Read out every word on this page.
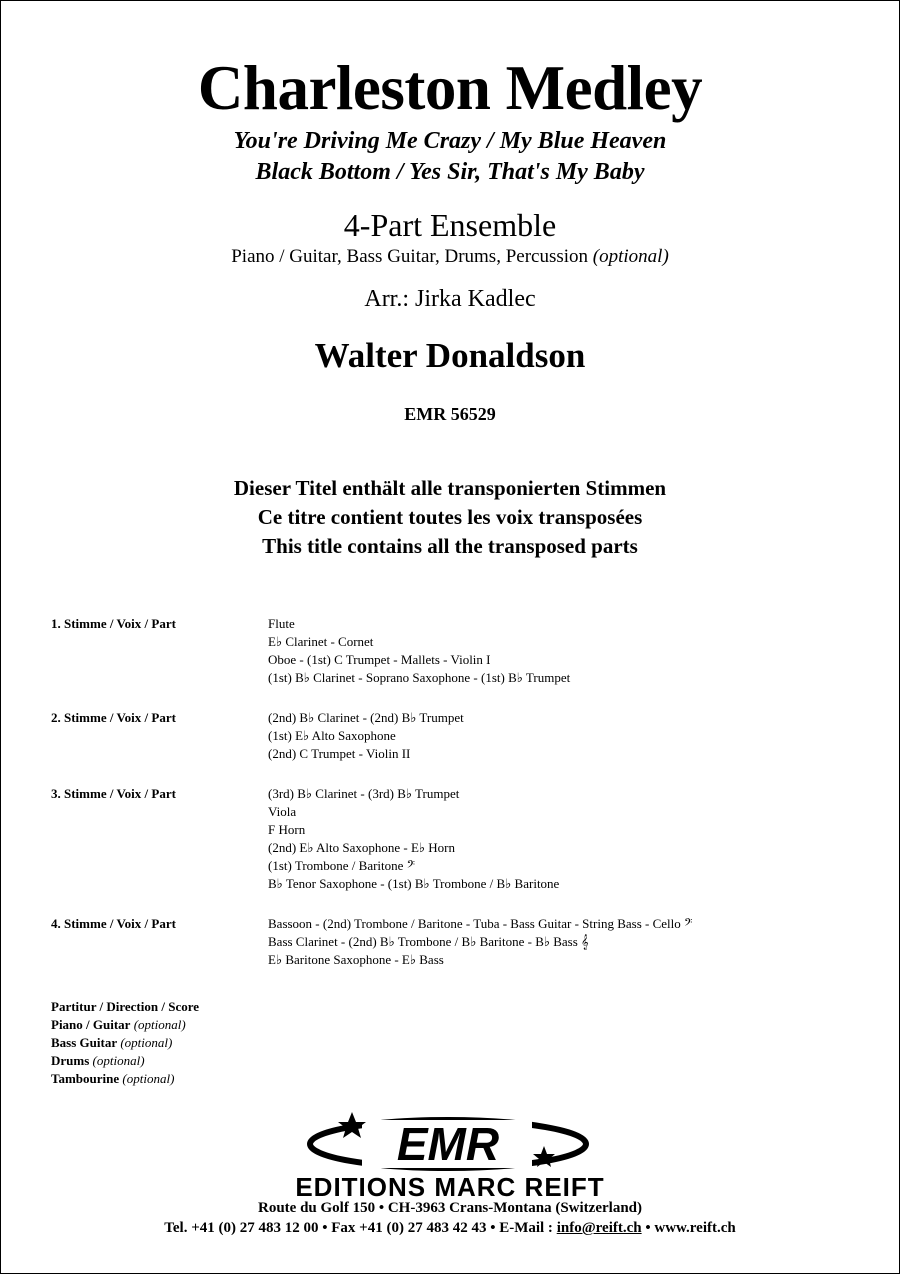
Charleston Medley
You're Driving Me Crazy / My Blue Heaven
Black Bottom / Yes Sir, That's My Baby
4-Part Ensemble
Piano / Guitar, Bass Guitar, Drums, Percussion (optional)
Arr.: Jirka Kadlec
Walter Donaldson
EMR 56529
Dieser Titel enthält alle transponierten Stimmen
Ce titre contient toutes les voix transposées
This title contains all the transposed parts
1. Stimme / Voix / Part	Flute
E♭ Clarinet - Cornet
Oboe - (1st) C Trumpet - Mallets - Violin I
(1st) B♭ Clarinet - Soprano Saxophone - (1st) B♭ Trumpet
2. Stimme / Voix / Part	(2nd) B♭ Clarinet - (2nd) B♭ Trumpet
(1st) E♭ Alto Saxophone
(2nd) C Trumpet - Violin II
3. Stimme / Voix / Part	(3rd) B♭ Clarinet - (3rd) B♭ Trumpet
Viola
F Horn
(2nd) E♭ Alto Saxophone - E♭ Horn
(1st) Trombone / Baritone 𝄢
B♭ Tenor Saxophone - (1st) B♭ Trombone / B♭ Baritone
4. Stimme / Voix / Part	Bassoon - (2nd) Trombone / Baritone - Tuba - Bass Guitar - String Bass - Cello 𝄢
Bass Clarinet - (2nd) B♭ Trombone / B♭ Baritone - B♭ Bass 𝄞
E♭ Baritone Saxophone - E♭ Bass
Partitur / Direction / Score
Piano / Guitar (optional)
Bass Guitar (optional)
Drums (optional)
Tambourine (optional)
EMR
EDITIONS MARC REIFT
Route du Golf 150 • CH-3963 Crans-Montana (Switzerland)
Tel. +41 (0) 27 483 12 00 • Fax +41 (0) 27 483 42 43 • E-Mail : info@reift.ch • www.reift.ch
